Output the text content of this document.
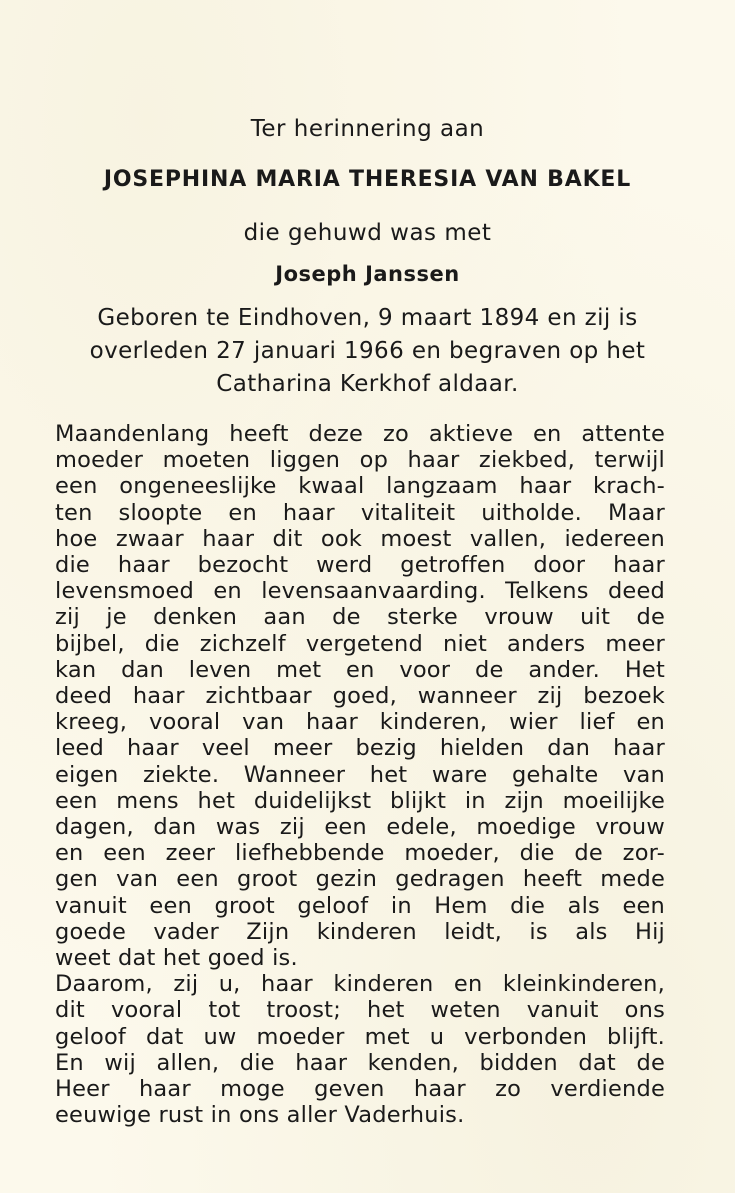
Ter herinnering aan
JOSEPHINA MARIA THERESIA VAN BAKEL
die gehuwd was met
Joseph Janssen
Geboren te Eindhoven, 9 maart 1894 en zij is
overleden 27 januari 1966 en begraven op het
Catharina Kerkhof aldaar.
Maandenlang heeft deze zo aktieve en attente
moeder moeten liggen op haar ziekbed, terwijl
een ongeneeslijke kwaal langzaam haar krach-
ten sloopte en haar vitaliteit uitholde. Maar
hoe zwaar haar dit ook moest vallen, iedereen
die haar bezocht werd getroffen door haar
levensmoed en levensaanvaarding. Telkens deed
zij je denken aan de sterke vrouw uit de
bijbel, die zichzelf vergetend niet anders meer
kan dan leven met en voor de ander. Het
deed haar zichtbaar goed, wanneer zij bezoek
kreeg, vooral van haar kinderen, wier lief en
leed haar veel meer bezig hielden dan haar
eigen ziekte. Wanneer het ware gehalte van
een mens het duidelijkst blijkt in zijn moeilijke
dagen, dan was zij een edele, moedige vrouw
en een zeer liefhebbende moeder, die de zor-
gen van een groot gezin gedragen heeft mede
vanuit een groot geloof in Hem die als een
goede vader Zijn kinderen leidt, is als Hij
weet dat het goed is.
Daarom, zij u, haar kinderen en kleinkinderen,
dit vooral tot troost; het weten vanuit ons
geloof dat uw moeder met u verbonden blijft.
En wij allen, die haar kenden, bidden dat de
Heer haar moge geven haar zo verdiende
eeuwige rust in ons aller Vaderhuis.
